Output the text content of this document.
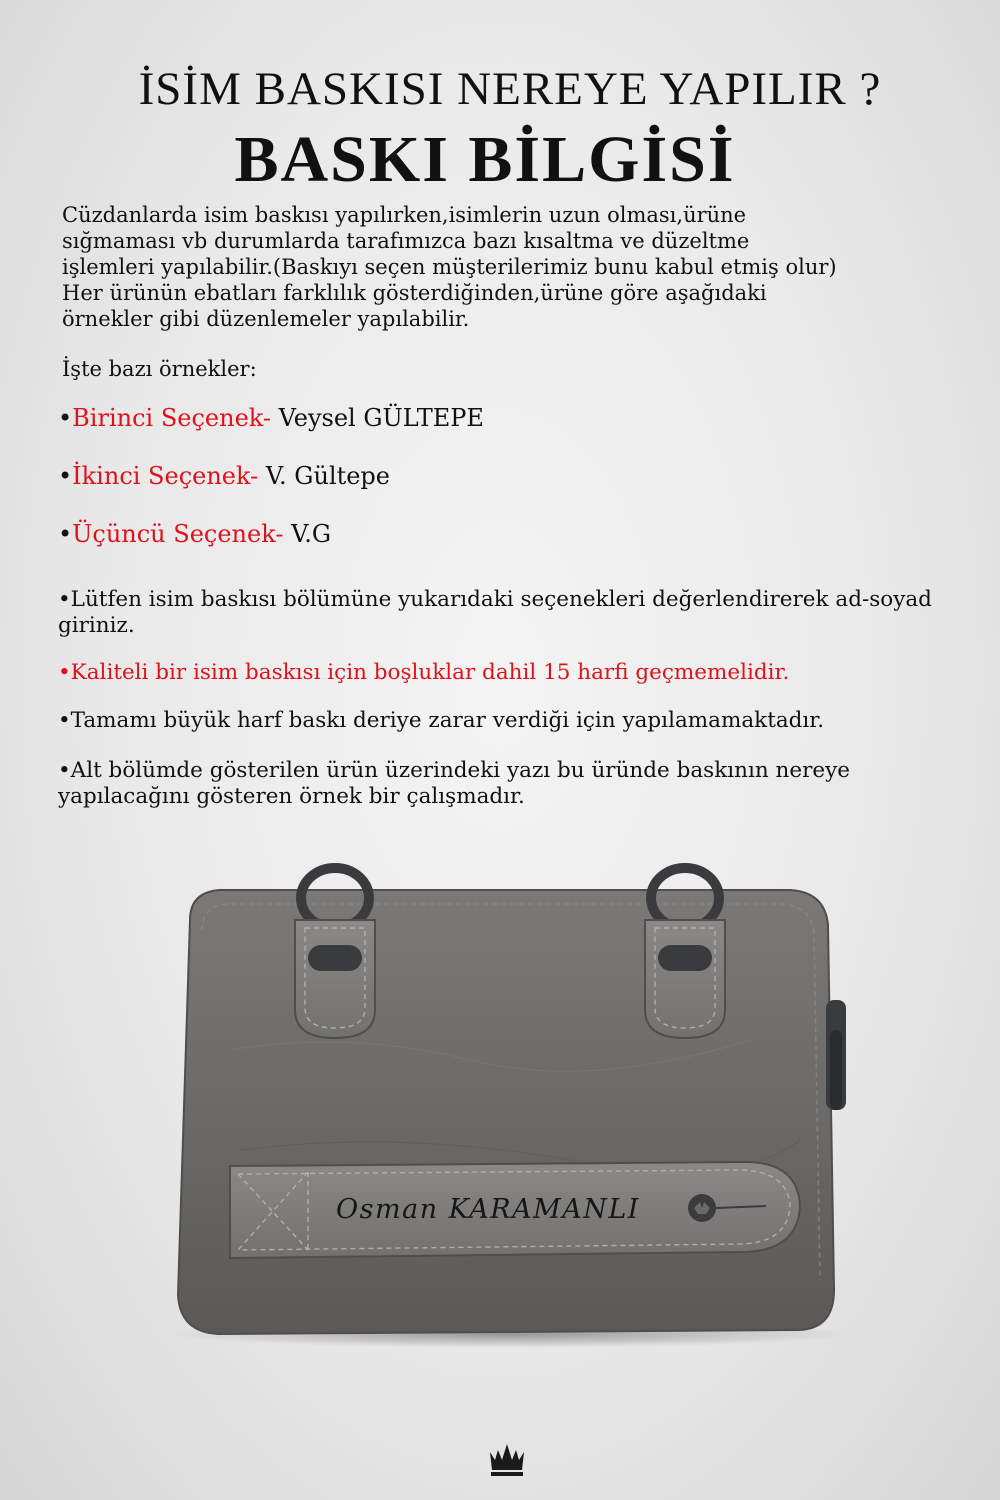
İSİM BASKISI NEREYE YAPILIR ?
BASKI BİLGİSİ

Cüzdanlarda isim baskısı yapılırken,isimlerin uzun olması,ürüne

sığmaması vb durumlarda tarafımızca bazı kısaltma ve düzeltme

işlemleri yapılabilir.(Baskıyı seçen müşterilerimiz bunu kabul etmiş olur)

Her ürünün ebatları farklılık gösterdiğinden,ürüne göre aşağıdaki

örnekler gibi düzenlemeler yapılabilir.

İşte bazı örnekler:

•Birinci Seçenek- Veysel GÜLTEPE

•İkinci Seçenek- V. Gültepe

•Üçüncü Seçenek- V.G

•Lütfen isim baskısı bölümüne yukarıdaki seçenekleri değerlendirerek ad-soyad giriniz.

•Kaliteli bir isim baskısı için boşluklar dahil 15 harfi geçmemelidir.

•Tamamı büyük harf baskı deriye zarar verdiği için yapılamamaktadır.

•Alt bölümde gösterilen ürün üzerindeki yazı bu üründe baskının nereye yapılacağını gösteren örnek bir çalışmadır.

Osman KARAMANLI
